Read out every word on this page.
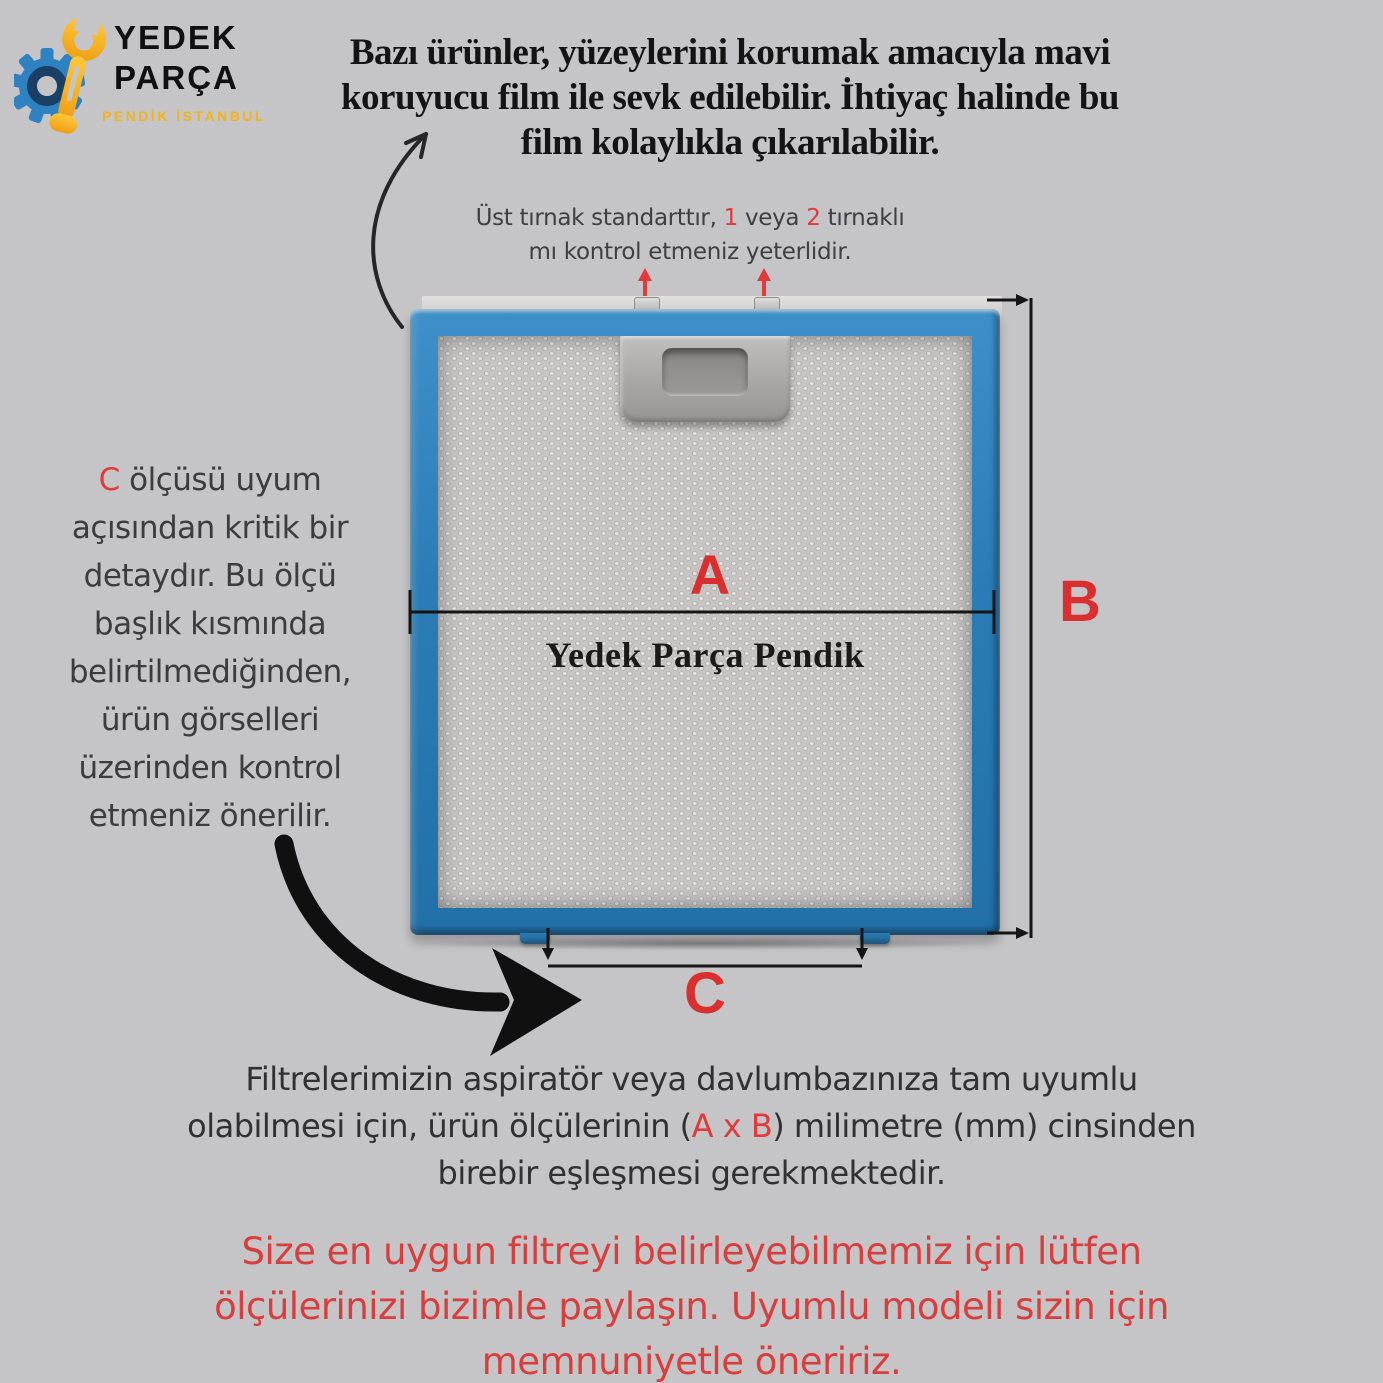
YEDEK
PARÇA
PENDİK İSTANBUL
Bazı ürünler, yüzeylerini korumak amacıyla mavi
koruyucu film ile sevk edilebilir. İhtiyaç halinde bu
film kolaylıkla çıkarılabilir.
Üst tırnak standarttır, 1 veya 2 tırnaklı
mı kontrol etmeniz yeterlidir.
Yedek Parça Pendik
A	B
C
C ölçüsü uyum
açısından kritik bir
detaydır. Bu ölçü
başlık kısmında
belirtilmediğinden,
ürün görselleri
üzerinden kontrol
etmeniz önerilir.
Filtrelerimizin aspiratör veya davlumbazınıza tam uyumlu
olabilmesi için, ürün ölçülerinin (A x B) milimetre (mm) cinsinden
birebir eşleşmesi gerekmektedir.
Size en uygun filtreyi belirleyebilmemiz için lütfen
ölçülerinizi bizimle paylaşın. Uyumlu modeli sizin için
memnuniyetle öneririz.
